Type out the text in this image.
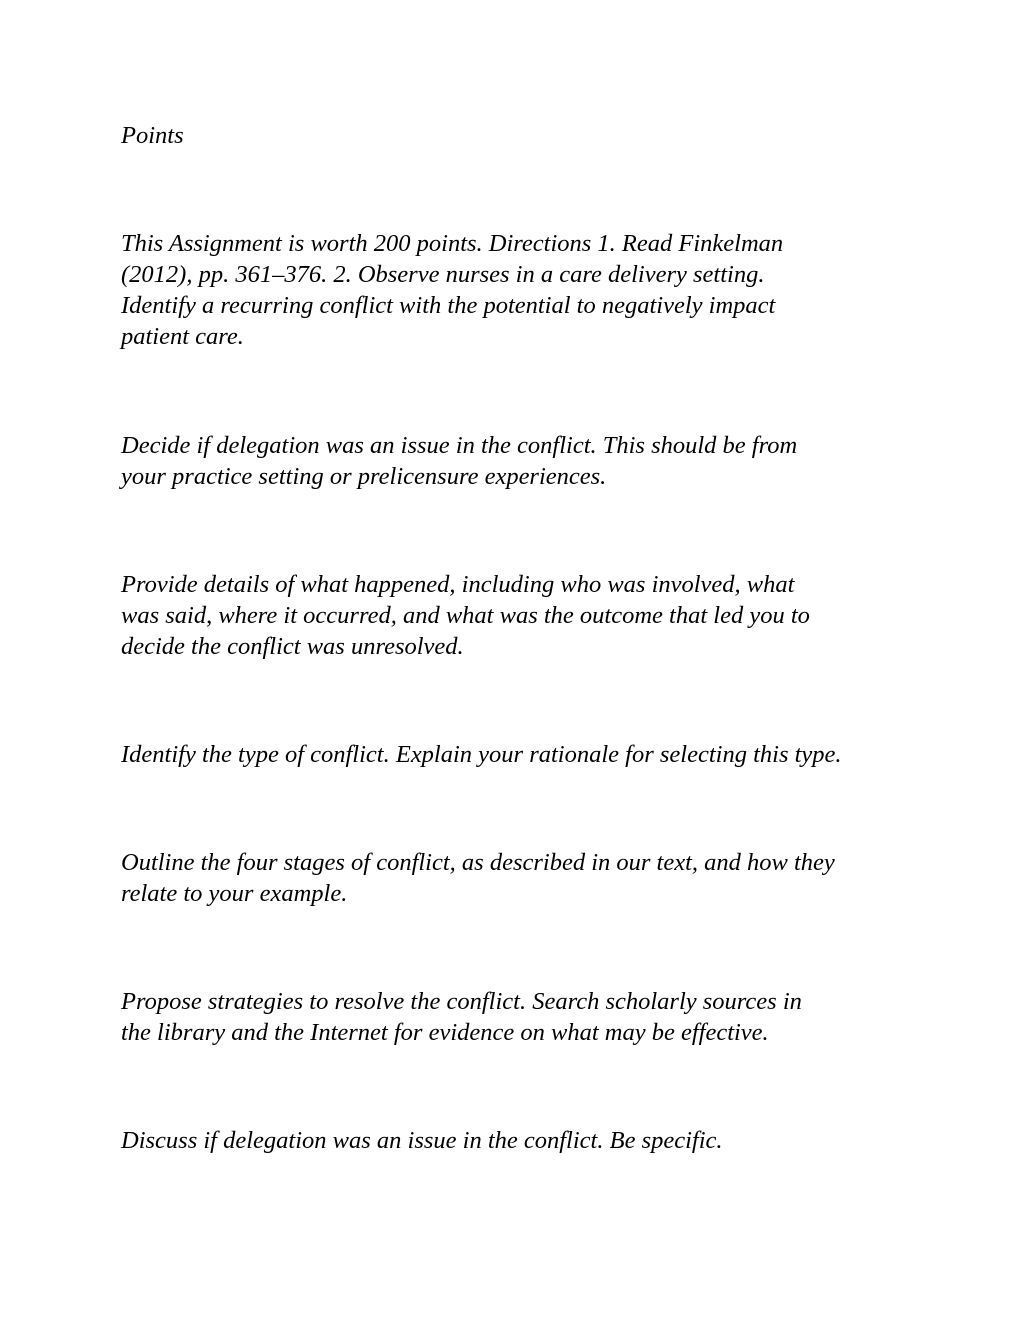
Points

This Assignment is worth 200 points. Directions 1. Read Finkelman
(2012), pp. 361–376. 2. Observe nurses in a care delivery setting.
Identify a recurring conflict with the potential to negatively impact
patient care.

Decide if delegation was an issue in the conflict. This should be from
your practice setting or prelicensure experiences.

Provide details of what happened, including who was involved, what
was said, where it occurred, and what was the outcome that led you to
decide the conflict was unresolved.

Identify the type of conflict. Explain your rationale for selecting this type.

Outline the four stages of conflict, as described in our text, and how they
relate to your example.

Propose strategies to resolve the conflict. Search scholarly sources in
the library and the Internet for evidence on what may be effective.

Discuss if delegation was an issue in the conflict. Be specific.
